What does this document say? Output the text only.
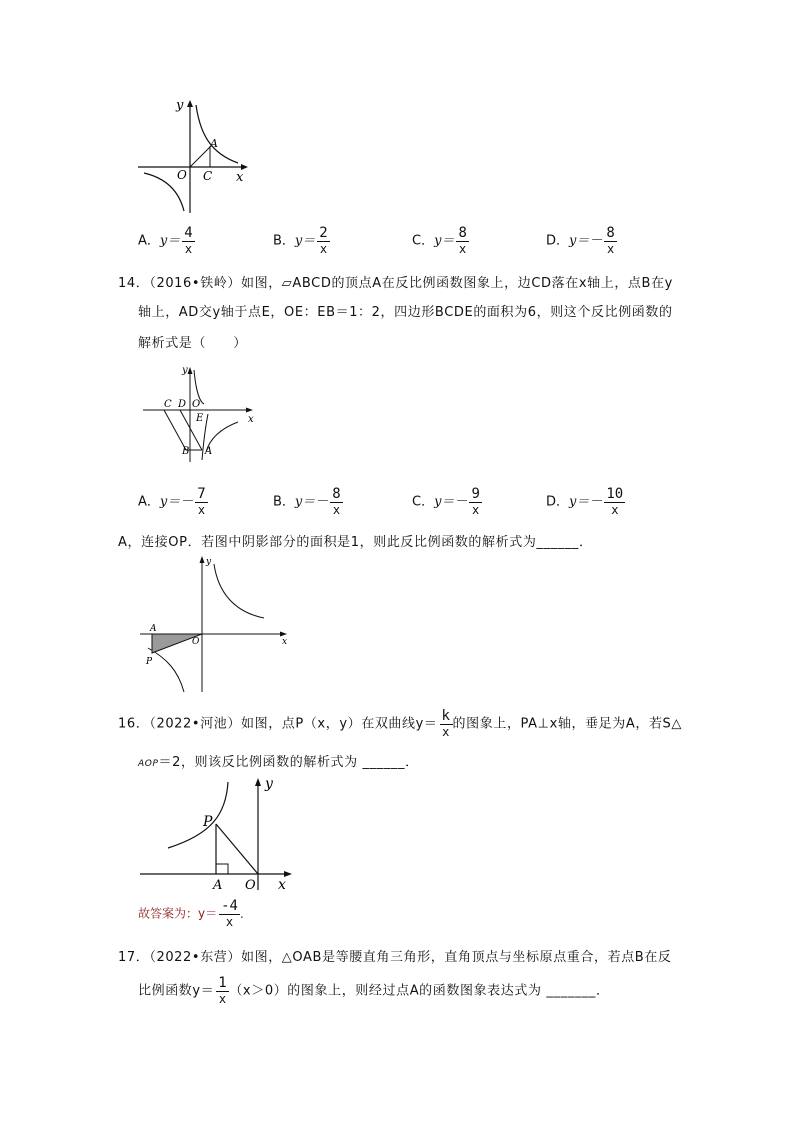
y
x
O C
A
A．$y= \frac{4}{x}$	B．$y= \frac{2}{x}$	C．$y= \frac{8}{x}$	D．$y=- \frac{8}{x}$
14．（2016•铁岭）如图，▱ABCD的顶点A在反比例函数图象上，边CD落在x轴上，点B在y
轴上，AD交y轴于点E，OE：EB＝1：2，四边形BCDE的面积为6，则这个反比例函数的
解析式是（　　）
y
x
C D O
E
B A
A．$y=- \frac{7}{x}$	B．$y=- \frac{8}{x}$	C．$y=- \frac{9}{x}$	D．$y=- \frac{10}{x}$
A，连接OP．若图中阴影部分的面积是1，则此反比例函数的解析式为______．
y
x
A
O
P
16．（2022•河池）如图，点P（x，y）在双曲线$y= \frac{k}{x}$ 的图象上，PA⊥x轴，垂足为A，若S△
AOP＝2，则该反比例函数的解析式为 ______．
y
x
P
A O
故答案为：$y= \frac{-4}{x}$ ．
17．（2022•东营）如图，△OAB是等腰直角三角形，直角顶点与坐标原点重合，若点B在反
比例函数$y= \frac{1}{x} (x>0)$的图象上，则经过点A的函数图象表达式为 _______．
